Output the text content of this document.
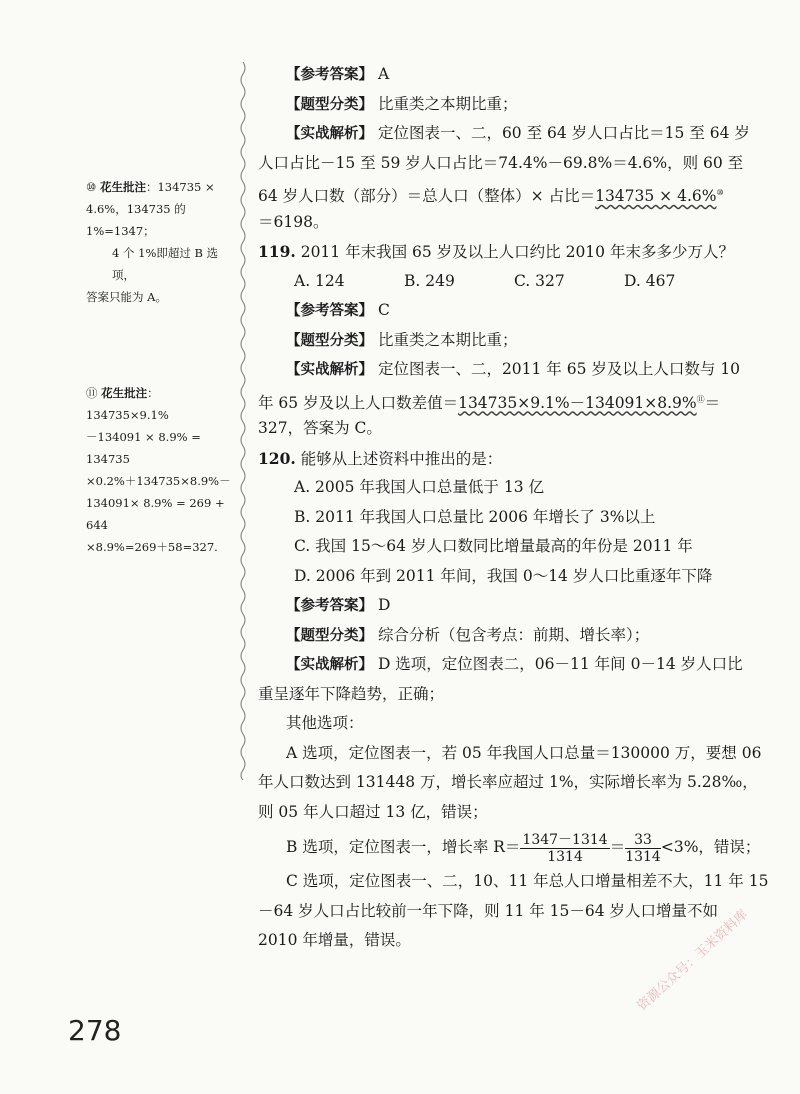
⑩ 花生批注：134735 ×
4.6%，134735 的 1%=1347；
4 个 1%即超过 B 选项，
答案只能为 A。
⑪ 花生批注：134735×9.1%
－134091 × 8.9% = 134735
×0.2%＋134735×8.9%－
134091× 8.9% = 269 + 644
×8.9%=269＋58=327.
【参考答案】 A
【题型分类】 比重类之本期比重；
【实战解析】 定位图表一、二，60 至 64 岁人口占比＝15 至 64 岁
人口占比－15 至 59 岁人口占比＝74.4%－69.8%＝4.6%，则 60 至
64 岁人口数（部分）＝总人口（整体）× 占比＝134735 × 4.6%⑩
＝6198。
119. 2011 年末我国 65 岁及以上人口约比 2010 年末多多少万人？
A. 124	B. 249	C. 327	D. 467
【参考答案】 C
【题型分类】 比重类之本期比重；
【实战解析】 定位图表一、二，2011 年 65 岁及以上人口数与 10
年 65 岁及以上人口数差值＝134735×9.1%－134091×8.9%⑪＝
327，答案为 C。
120. 能够从上述资料中推出的是：
A. 2005 年我国人口总量低于 13 亿
B. 2011 年我国人口总量比 2006 年增长了 3%以上
C. 我国 15～64 岁人口数同比增量最高的年份是 2011 年
D. 2006 年到 2011 年间，我国 0～14 岁人口比重逐年下降
【参考答案】 D
【题型分类】 综合分析（包含考点：前期、增长率）；
【实战解析】 D 选项，定位图表二，06－11 年间 0－14 岁人口比
重呈逐年下降趋势，正确；
其他选项：
A 选项，定位图表一，若 05 年我国人口总量＝130000 万，要想 06
年人口数达到 131448 万，增长率应超过 1%，实际增长率为 5.28‰，
则 05 年人口超过 13 亿，错误；
B 选项，定位图表一，增长率 $R= \frac{1347-1314}{1314} = \frac{33}{1314} <3\%$，错误；
C 选项，定位图表一、二，10、11 年总人口增量相差不大，11 年 15
－64 岁人口占比较前一年下降，则 11 年 15－64 岁人口增量不如
2010 年增量，错误。
278
资源公众号：玉米资料库
